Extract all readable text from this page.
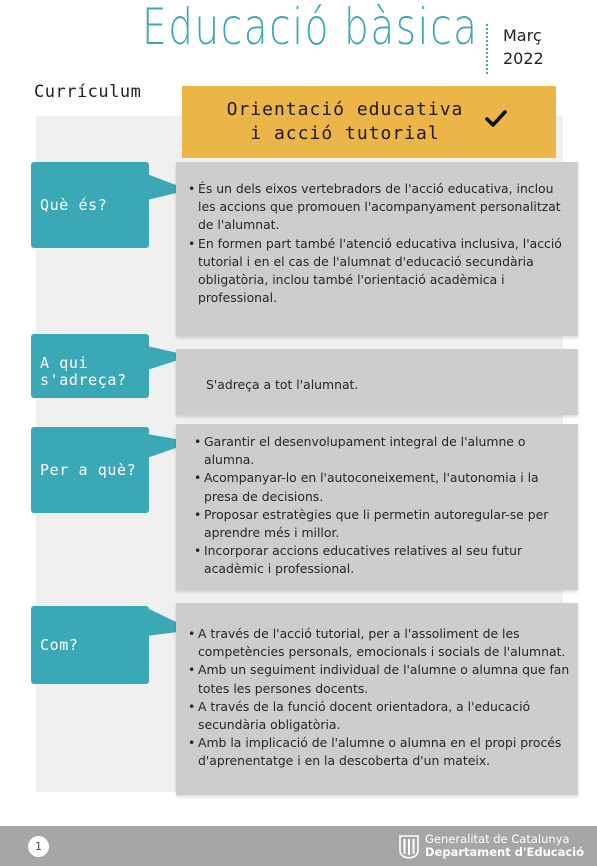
Educació bàsica Març
2022
Currículum
Orientació educativa
i acció tutorial
Què és?
• És un dels eixos vertebradors de l'acció educativa, inclou les accions que promouen l'acompanyament personalitzat de l'alumnat.
• En formen part també l'atenció educativa inclusiva, l'acció tutorial i en el cas de l'alumnat d'educació secundària obligatòria, inclou també l'orientació acadèmica i professional.
A qui
s'adreça?	S'adreça a tot l'alumnat.
Per a què?
• Garantir el desenvolupament integral de l'alumne o alumna.
• Acompanyar-lo en l'autoconeixement, l'autonomia i la presa de decisions.
• Proposar estratègies que li permetin autoregular-se per aprendre més i millor.
• Incorporar accions educatives relatives al seu futur acadèmic i professional.
Com?
• A través de l'acció tutorial, per a l'assoliment de les competències personals, emocionals i socials de l'alumnat.
• Amb un seguiment individual de l'alumne o alumna que fan totes les persones docents.
• A través de la funció docent orientadora, a l'educació secundària obligatòria.
• Amb la implicació de l'alumne o alumna en el propi procés d'aprenentatge i en la descoberta d'un mateix.
1
Generalitat de Catalunya
Departament d'Educació
